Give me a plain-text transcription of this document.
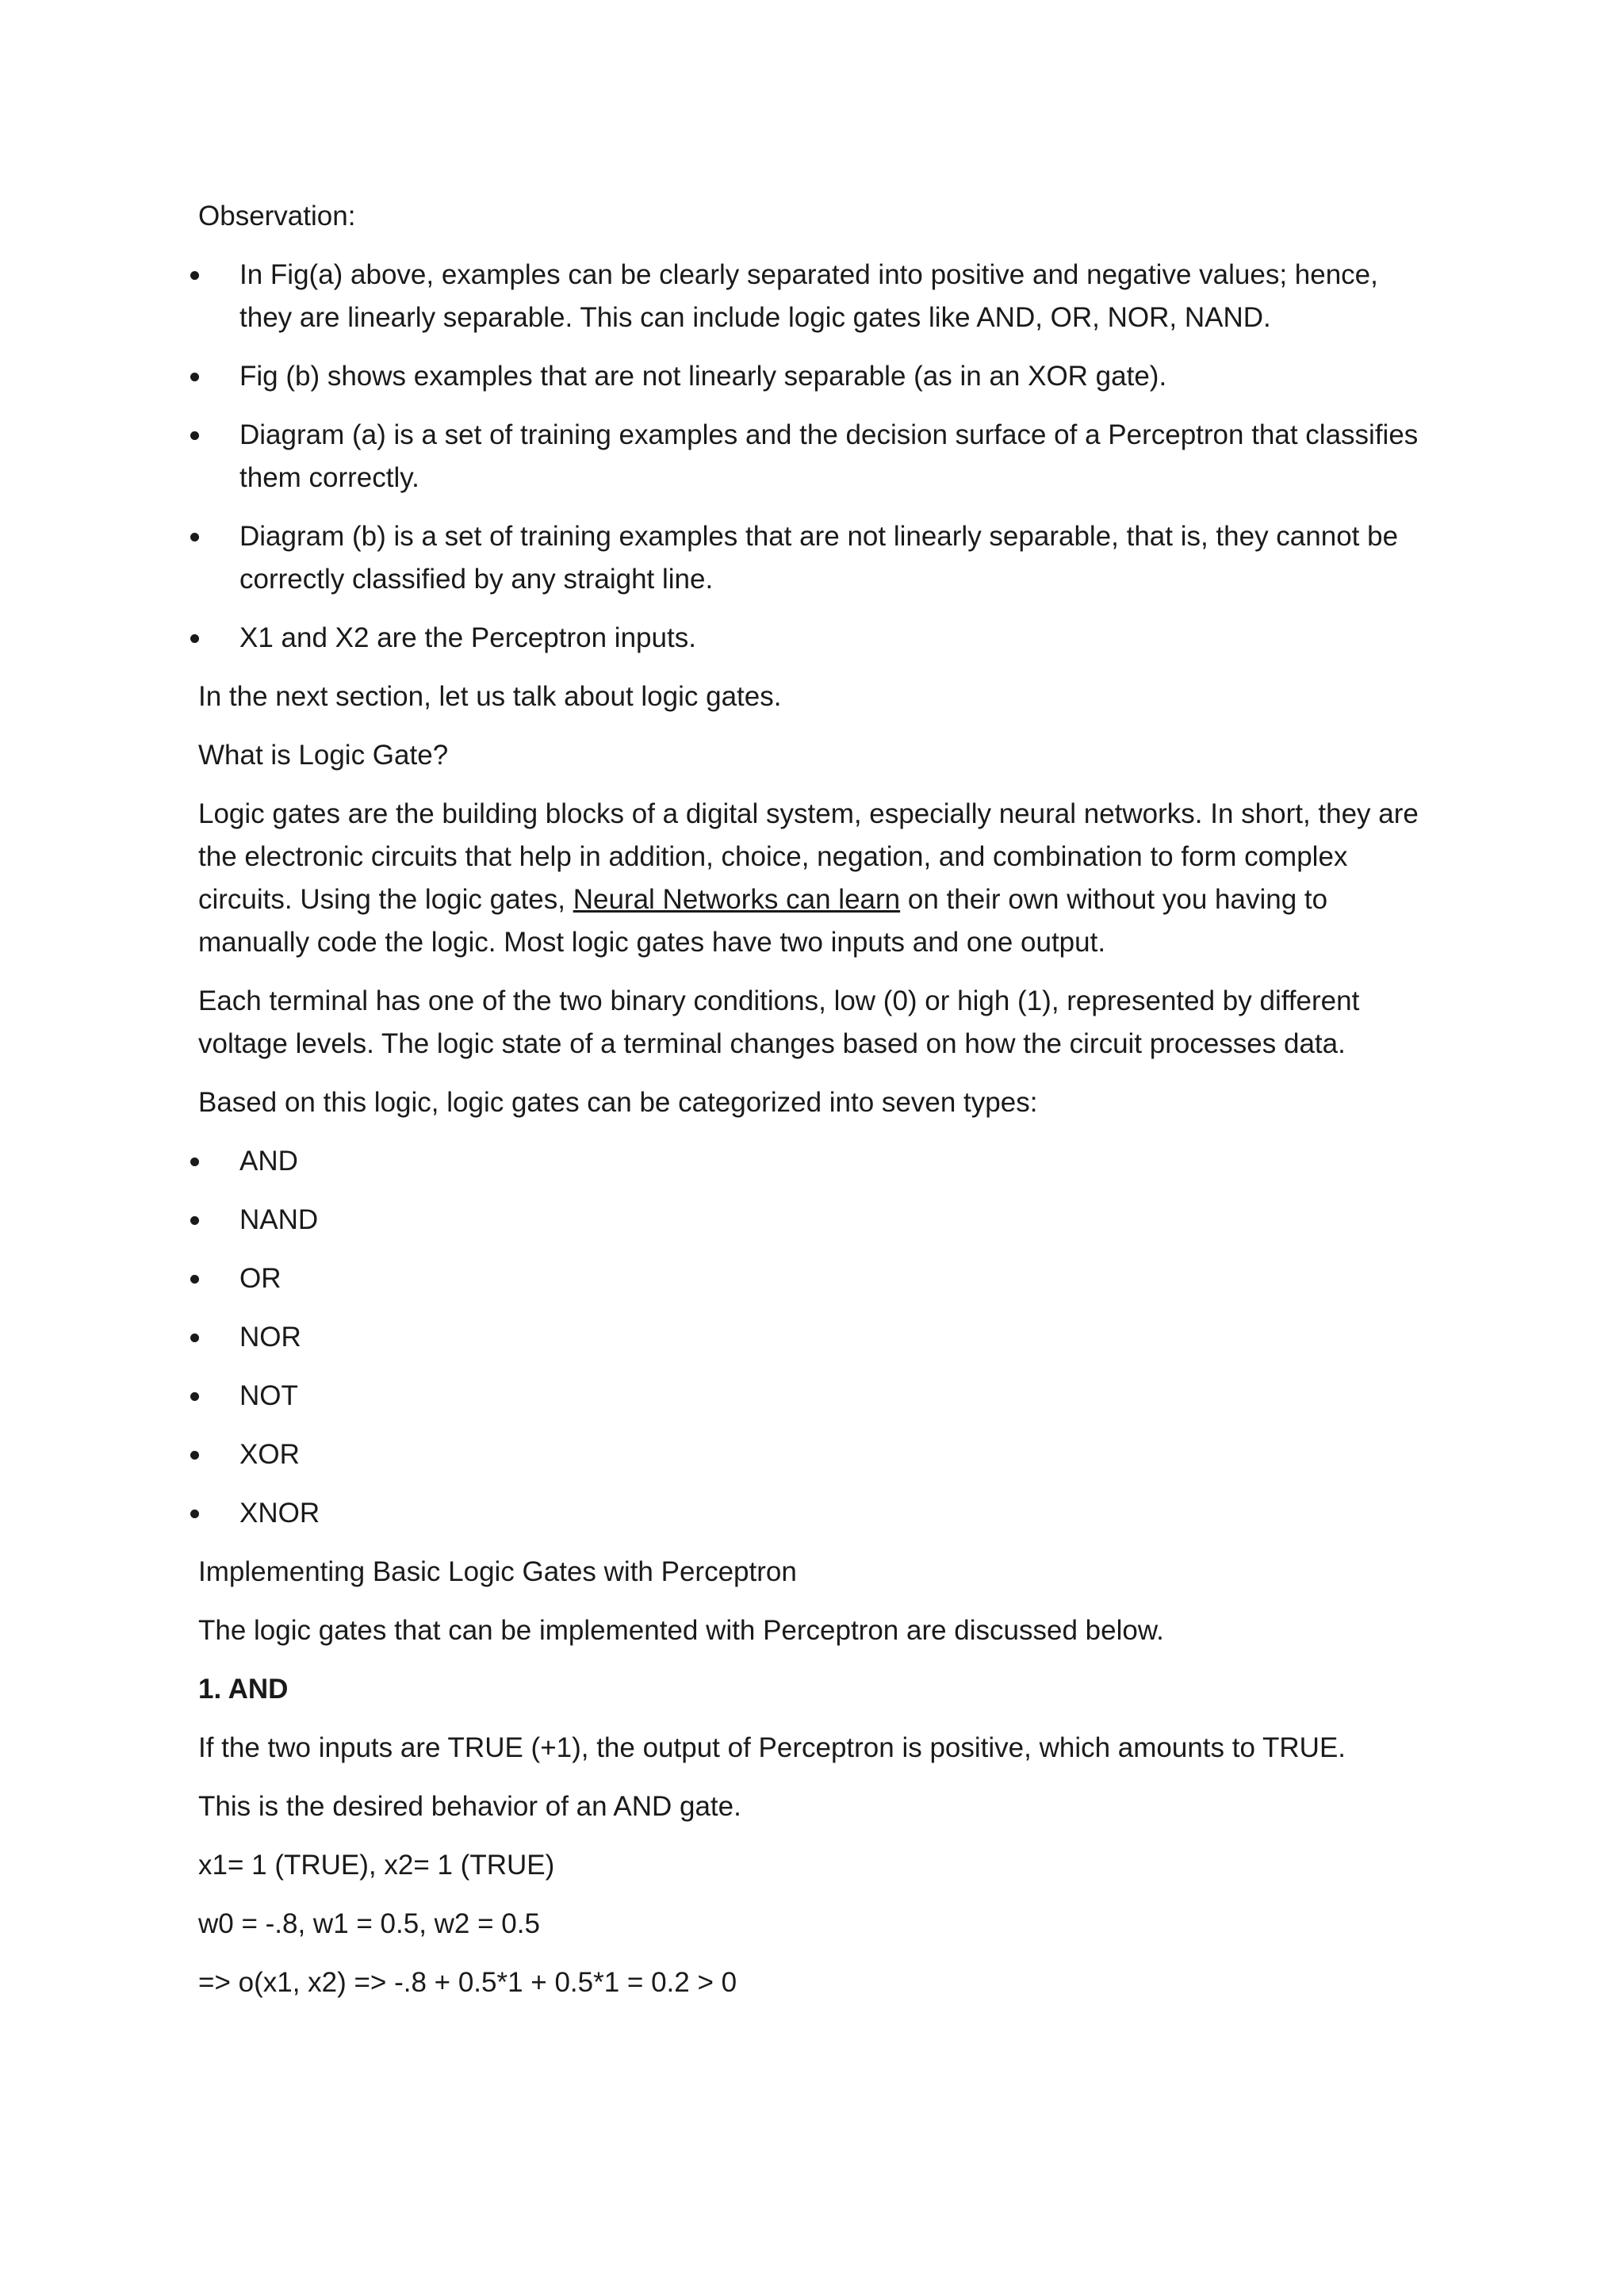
Observation:

In Fig(a) above, examples can be clearly separated into positive and negative values; hence, they are linearly separable. This can include logic gates like AND, OR, NOR, NAND.
Fig (b) shows examples that are not linearly separable (as in an XOR gate).
Diagram (a) is a set of training examples and the decision surface of a Perceptron that classifies them correctly.
Diagram (b) is a set of training examples that are not linearly separable, that is, they cannot be correctly classified by any straight line.
X1 and X2 are the Perceptron inputs.

In the next section, let us talk about logic gates.

What is Logic Gate?

Logic gates are the building blocks of a digital system, especially neural networks. In short, they are the electronic circuits that help in addition, choice, negation, and combination to form complex circuits. Using the logic gates, Neural Networks can learn on their own without you having to manually code the logic. Most logic gates have two inputs and one output.

Each terminal has one of the two binary conditions, low (0) or high (1), represented by different voltage levels. The logic state of a terminal changes based on how the circuit processes data.

Based on this logic, logic gates can be categorized into seven types:

AND
NAND
OR
NOR
NOT
XOR
XNOR

Implementing Basic Logic Gates with Perceptron

The logic gates that can be implemented with Perceptron are discussed below.

1. AND

If the two inputs are TRUE (+1), the output of Perceptron is positive, which amounts to TRUE.

This is the desired behavior of an AND gate.

x1= 1 (TRUE), x2= 1 (TRUE)

w0 = -.8, w1 = 0.5, w2 = 0.5

=> o(x1, x2) => -.8 + 0.5*1 + 0.5*1 = 0.2 > 0
